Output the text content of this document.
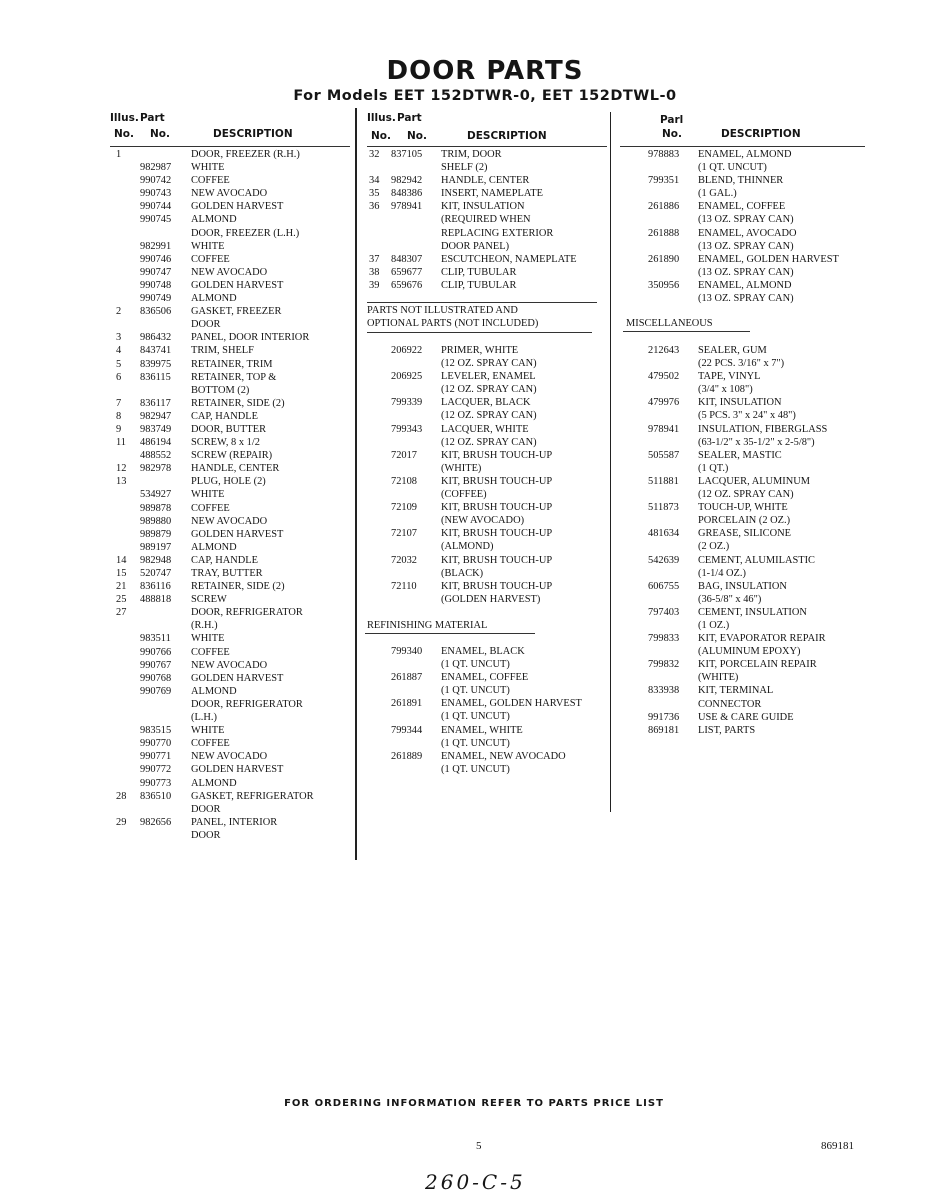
DOOR PARTS
For Models EET 152DTWR-0, EET 152DTWL-0
Illus. Part
No. No.	DESCRIPTION
Illus. Part
No. No.	DESCRIPTION
Parl
No.	DESCRIPTION
1	DOOR, FREEZER (R.H.)
982987 WHITE
990742 COFFEE
990743 NEW AVOCADO
990744 GOLDEN HARVEST
990745 ALMOND
DOOR, FREEZER (L.H.)
982991 WHITE
990746 COFFEE
990747 NEW AVOCADO
990748 GOLDEN HARVEST
990749 ALMOND
2	836506 GASKET, FREEZER
DOOR
3	986432 PANEL, DOOR INTERIOR
4	843741 TRIM, SHELF
5	839975 RETAINER, TRIM
6	836115 RETAINER, TOP &
BOTTOM (2)
7	836117 RETAINER, SIDE (2)
8	982947 CAP, HANDLE
9	983749 DOOR, BUTTER
11	486194 SCREW, 8 x 1/2
488552 SCREW (REPAIR)
12	982978 HANDLE, CENTER
13	PLUG, HOLE (2)
534927 WHITE
989878 COFFEE
989880 NEW AVOCADO
989879 GOLDEN HARVEST
989197 ALMOND
14	982948 CAP, HANDLE
15	520747 TRAY, BUTTER
21	836116 RETAINER, SIDE (2)
25	488818 SCREW
27	DOOR, REFRIGERATOR
(R.H.)
983511 WHITE
990766 COFFEE
990767 NEW AVOCADO
990768 GOLDEN HARVEST
990769 ALMOND
DOOR, REFRIGERATOR
(L.H.)
983515 WHITE
990770 COFFEE
990771 NEW AVOCADO
990772 GOLDEN HARVEST
990773 ALMOND
28	836510 GASKET, REFRIGERATOR
DOOR
29	982656 PANEL, INTERIOR
DOOR
32	837105 TRIM, DOOR
SHELF (2)
34	982942 HANDLE, CENTER
35	848386 INSERT, NAMEPLATE
36	978941 KIT, INSULATION
(REQUIRED WHEN
REPLACING EXTERIOR
DOOR PANEL)
37	848307 ESCUTCHEON, NAMEPLATE
38	659677 CLIP, TUBULAR
39	659676 CLIP, TUBULAR
PARTS NOT ILLUSTRATED AND
OPTIONAL PARTS (NOT INCLUDED)
206922 PRIMER, WHITE
(12 OZ. SPRAY CAN)
206925 LEVELER, ENAMEL
(12 OZ. SPRAY CAN)
799339 LACQUER, BLACK
(12 OZ. SPRAY CAN)
799343 LACQUER, WHITE
(12 OZ. SPRAY CAN)
72017 KIT, BRUSH TOUCH-UP
(WHITE)
72108 KIT, BRUSH TOUCH-UP
(COFFEE)
72109 KIT, BRUSH TOUCH-UP
(NEW AVOCADO)
72107 KIT, BRUSH TOUCH-UP
(ALMOND)
72032 KIT, BRUSH TOUCH-UP
(BLACK)
72110 KIT, BRUSH TOUCH-UP
(GOLDEN HARVEST)
REFINISHING MATERIAL
799340 ENAMEL, BLACK
(1 QT. UNCUT)
261887 ENAMEL, COFFEE
(1 QT. UNCUT)
261891 ENAMEL, GOLDEN HARVEST
(1 QT. UNCUT)
799344 ENAMEL, WHITE
(1 QT. UNCUT)
261889 ENAMEL, NEW AVOCADO
(1 QT. UNCUT)
978883 ENAMEL, ALMOND
(1 QT. UNCUT)
799351 BLEND, THINNER
(1 GAL.)
261886 ENAMEL, COFFEE
(13 OZ. SPRAY CAN)
261888 ENAMEL, AVOCADO
(13 OZ. SPRAY CAN)
261890 ENAMEL, GOLDEN HARVEST
(13 OZ. SPRAY CAN)
350956 ENAMEL, ALMOND
(13 OZ. SPRAY CAN)
MISCELLANEOUS
212643 SEALER, GUM
(22 PCS. 3/16" x 7")
479502 TAPE, VINYL
(3/4" x 108")
479976 KIT, INSULATION
(5 PCS. 3" x 24" x 48")
978941 INSULATION, FIBERGLASS
(63-1/2" x 35-1/2" x 2-5/8")
505587 SEALER, MASTIC
(1 QT.)
511881 LACQUER, ALUMINUM
(12 OZ. SPRAY CAN)
511873 TOUCH-UP, WHITE
PORCELAIN (2 OZ.)
481634 GREASE, SILICONE
(2 OZ.)
542639 CEMENT, ALUMILASTIC
(1-1/4 OZ.)
606755 BAG, INSULATION
(36-5/8" x 46")
797403 CEMENT, INSULATION
(1 OZ.)
799833 KIT, EVAPORATOR REPAIR
(ALUMINUM EPOXY)
799832 KIT, PORCELAIN REPAIR
(WHITE)
833938 KIT, TERMINAL
CONNECTOR
991736 USE & CARE GUIDE
869181 LIST, PARTS
FOR ORDERING INFORMATION REFER TO PARTS PRICE LIST
5	869181
260-C-5
